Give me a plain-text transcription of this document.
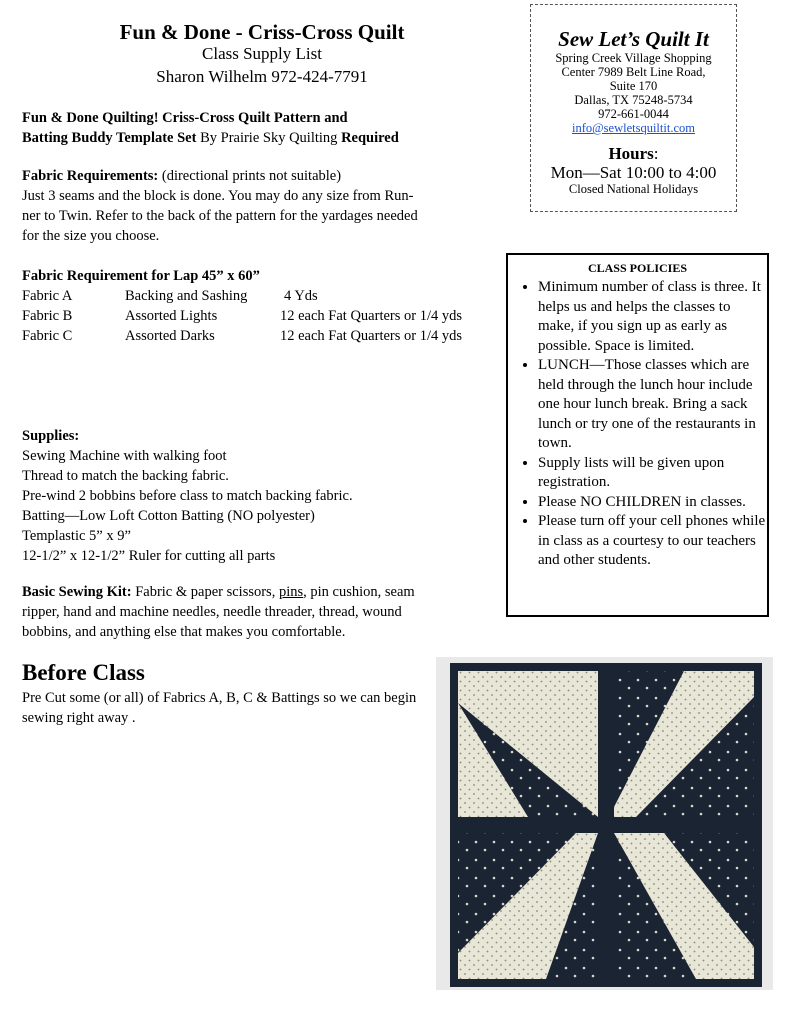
Fun & Done - Criss-Cross Quilt
Class Supply List
Sharon Wilhelm 972-424-7791
Sew Let’s Quilt It
Spring Creek Village Shopping
Center 7989 Belt Line Road,
Suite 170
Dallas, TX 75248-5734
972-661-0044
info@sewletsquiltit.com
Hours:
Mon—Sat 10:00 to 4:00
Closed National Holidays
Fun & Done Quilting! Criss-Cross Quilt Pattern and
Batting Buddy Template Set By Prairie Sky Quilting Required
Fabric Requirements: (directional prints not suitable)
Just 3 seams and the block is done. You may do any size from Run-
ner to Twin. Refer to the back of the pattern for the yardages needed
for the size you choose.
Fabric Requirement for Lap 45” x 60”
Fabric A	Backing and Sashing	4 Yds
Fabric B	Assorted Lights	12 each Fat Quarters or 1/4 yds
Fabric C	Assorted Darks	12 each Fat Quarters or 1/4 yds
Supplies:
Sewing Machine with walking foot
Thread to match the backing fabric.
Pre-wind 2 bobbins before class to match backing fabric.
Batting—Low Loft Cotton Batting (NO polyester)
Templastic 5” x 9”
12-1/2” x 12-1/2” Ruler for cutting all parts
Basic Sewing Kit: Fabric & paper scissors, pins, pin cushion, seam
ripper, hand and machine needles, needle threader, thread, wound
bobbins, and anything else that makes you comfortable.
CLASS POLICIES
• Minimum number of class is three. It helps us and helps the classes to make, if you sign up as early as possible. Space is limited.
• LUNCH—Those classes which are held through the lunch hour include one hour lunch break. Bring a sack lunch or try one of the restaurants in town.
• Supply lists will be given upon registration.
• Please NO CHILDREN in classes.
• Please turn off your cell phones while in class as a courtesy to our teachers and other students.
Before Class
Pre Cut some (or all) of Fabrics A, B, C & Battings so we can begin sewing right away .
